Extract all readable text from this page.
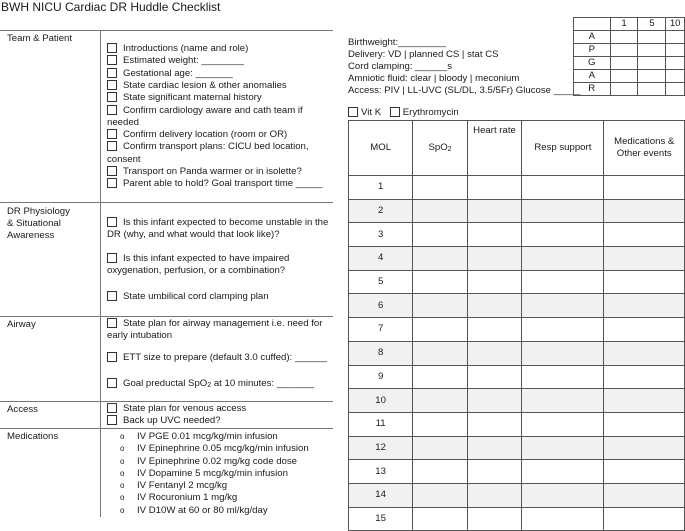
BWH NICU Cardiac DR Huddle Checklist
Team & Patient
Introductions (name and role)
Estimated weight: ________
Gestational age: _______
State cardiac lesion & other anomalies
State significant maternal history
Confirm cardiology aware and cath team if
needed
Confirm delivery location (room or OR)
Confirm transport plans: CICU bed location,
consent
Transport on Panda warmer or in isolette?
Parent able to hold? Goal transport time _____
DR Physiology
& Situational
Awareness
Is this infant expected to become unstable in the
DR (why, and what would that look like)?
Is this infant expected to have impaired
oxygenation, perfusion, or a combination?
State umbilical cord clamping plan
Airway	State plan for airway management i.e. need for
early intubation
ETT size to prepare (default 3.0 cuffed): ______
Goal preductal SpO$_2$ at 10 minutes: _______
Access	State plan for venous access
Back up UVC needed?
Medications	o IV PGE 0.01 mcg/kg/min infusion
o IV Epinephrine 0.05 mcg/kg/min infusion
o IV Epinephrine 0.02 mg/kg code dose
o IV Dopamine 5 mcg/kg/min infusion
o IV Fentanyl 2 mcg/kg
o IV Rocuronium 1 mg/kg
o IV D10W at 60 or 80 ml/kg/day
Birthweight:_________
Delivery: VD | planned CS | stat CS
Cord clamping: ______s
Amniotic fluid: clear | bloody | meconium
Access: PIV | LL-UVC (SL/DL, 3.5/5Fr) Glucose _____
	1	5	10
A			
P			
G			
A			
R			
Vit K Erythromycin
MOL	SpO$_2$	Heart rate	Resp support	Medications &
Other events

1				
2				
3				
4				
5				
6				
7				
8				
9				
10				
11				
12				
13				
14				
15				
